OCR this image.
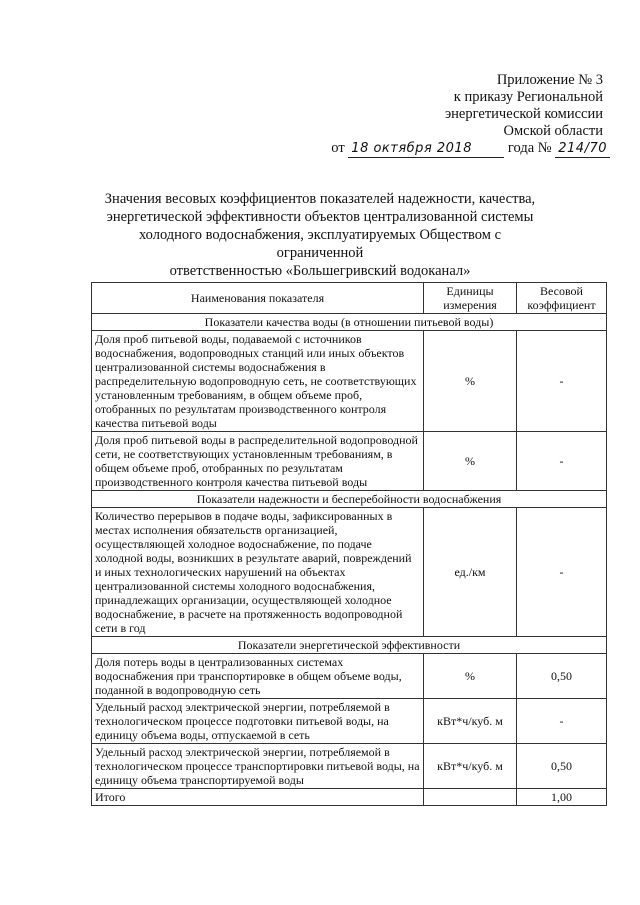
Приложение № 3
к приказу Региональной
энергетической комиссии
Омской области
от 18 октября 2018 года № 214/70
Значения весовых коэффициентов показателей надежности, качества,
энергетической эффективности объектов централизованной системы
холодного водоснабжения, эксплуатируемых Обществом с ограниченной
ответственностью «Большегривский водоканал»
Наименования показателя	Единицы измерения	Весовой коэффициент
Показатели качества воды (в отношении питьевой воды)		
Доля проб питьевой воды, подаваемой с источников водоснабжения, водопроводных станций или иных объектов централизованной системы водоснабжения в распределительную водопроводную сеть, не соответствующих установленным требованиям, в общем объеме проб, отобранных по результатам производственного контроля качества питьевой воды	%	-
Доля проб питьевой воды в распределительной водопроводной сети, не соответствующих установленным требованиям, в общем объеме проб, отобранных по результатам производственного контроля качества питьевой воды	%	-
Показатели надежности и бесперебойности водоснабжения		
Количество перерывов в подаче воды, зафиксированных в местах исполнения обязательств организацией, осуществляющей холодное водоснабжение, по подаче холодной воды, возникших в результате аварий, повреждений и иных технологических нарушений на объектах централизованной системы холодного водоснабжения, принадлежащих организации, осуществляющей холодное водоснабжение, в расчете на протяженность водопроводной сети в год	ед./км	-
Показатели энергетической эффективности		
Доля потерь воды в централизованных системах водоснабжения при транспортировке в общем объеме воды, поданной в водопроводную сеть	%	0,50
Удельный расход электрической энергии, потребляемой в технологическом процессе подготовки питьевой воды, на единицу объема воды, отпускаемой в сеть	кВт*ч/куб. м	-
Удельный расход электрической энергии, потребляемой в технологическом процессе транспортировки питьевой воды, на единицу объема транспортируемой воды	кВт*ч/куб. м	0,50
Итого		1,00
